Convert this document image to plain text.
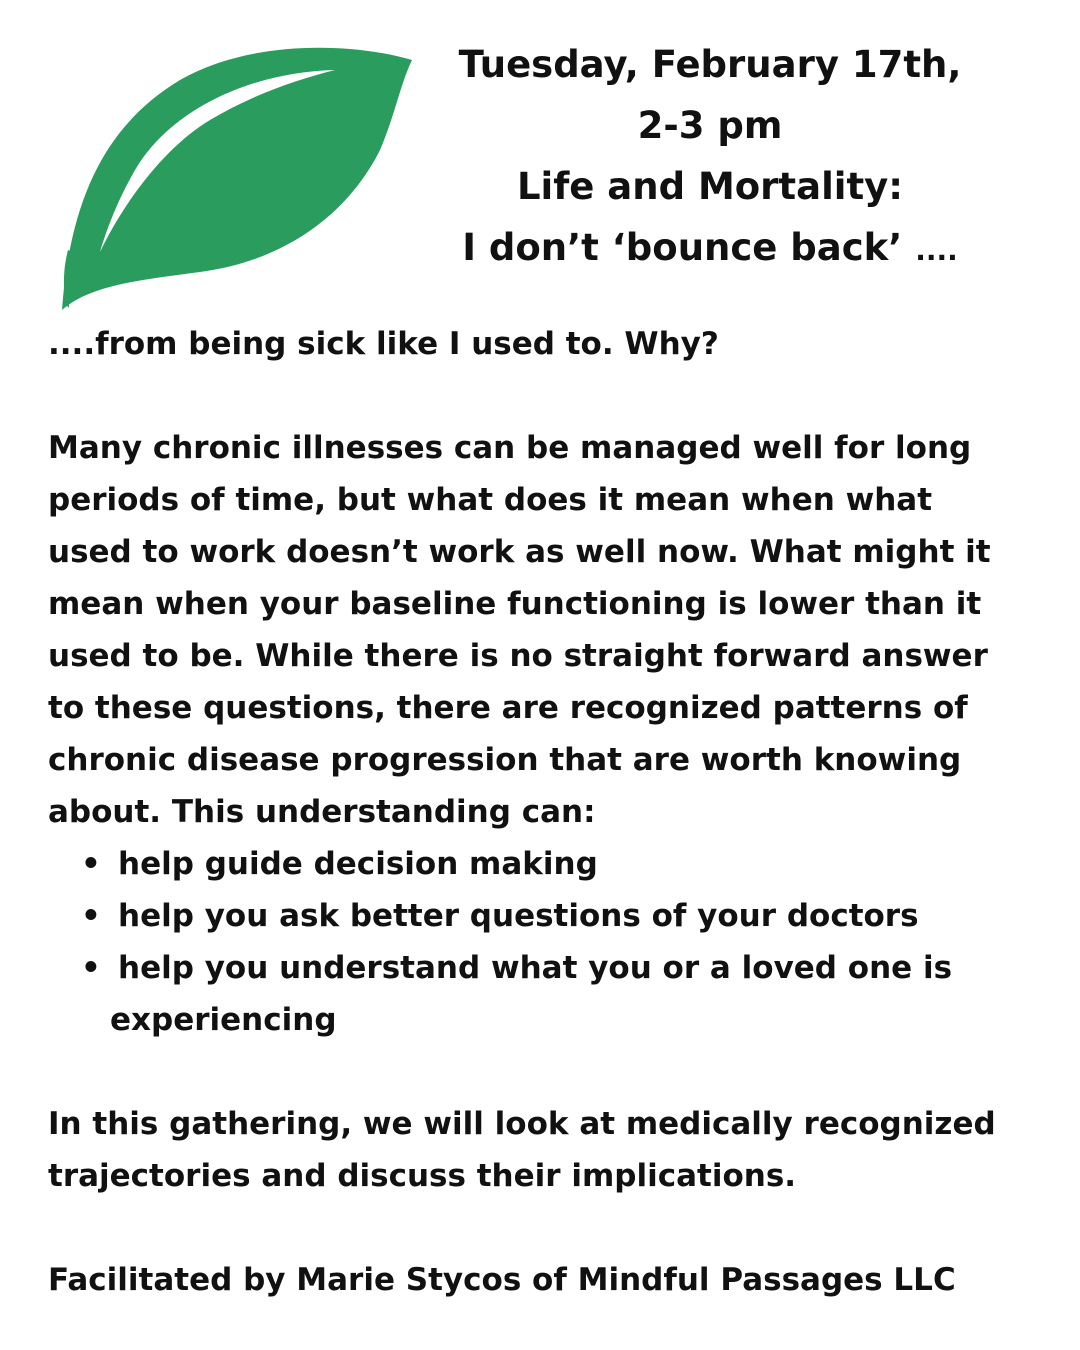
Tuesday, February 17th,
2-3 pm
Life and Mortality:
I don’t ‘bounce back’ ....

....from being sick like I used to. Why?

Many chronic illnesses can be managed well for long
periods of time, but what does it mean when what
used to work doesn’t work as well now. What might it
mean when your baseline functioning is lower than it
used to be. While there is no straight forward answer
to these questions, there are recognized patterns of
chronic disease progression that are worth knowing
about. This understanding can:

• help guide decision making
• help you ask better questions of your doctors
• help you understand what you or a loved one is
experiencing

In this gathering, we will look at medically recognized
trajectories and discuss their implications.

Facilitated by Marie Stycos of Mindful Passages LLC
